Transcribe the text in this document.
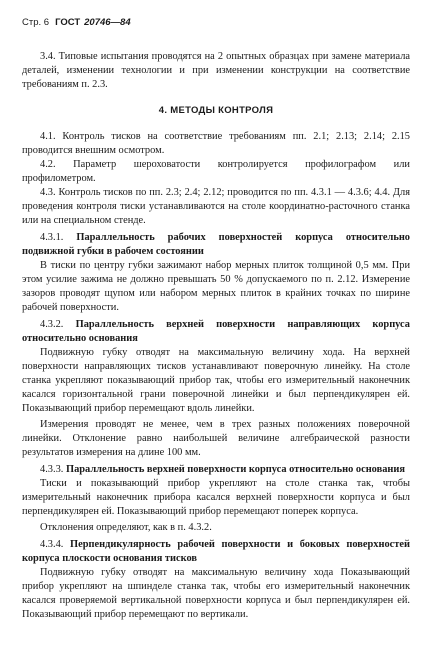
Стр. 6 ГОСТ 20746—84

3.4. Типовые испытания проводятся на 2 опытных образцах при замене материала деталей, изменении технологии и при изменении конструкции на соответствие требованиям п. 2.3.

4. МЕТОДЫ КОНТРОЛЯ

4.1. Контроль тисков на соответствие требованиям пп. 2.1; 2.13; 2.14; 2.15 проводится внешним осмотром.

4.2. Параметр шероховатости контролируется профилографом или профилометром.

4.3. Контроль тисков по пп. 2.3; 2.4; 2.12; проводится по пп. 4.3.1 — 4.3.6; 4.4. Для проведения контроля тиски устанавливаются на столе координатно-расточного станка или на специальном стенде.

4.3.1. Параллельность рабочих поверхностей корпуса относительно подвижной губки в рабочем состоянии

В тиски по центру губки зажимают набор мерных плиток толщиной 0,5 мм. При этом усилие зажима не должно превышать 50 % допускаемого по п. 2.12. Измерение зазоров проводят щупом или набором мерных плиток в крайних точках по ширине рабочей поверхности.

4.3.2. Параллельность верхней поверхности направляющих корпуса относительно основания

Подвижную губку отводят на максимальную величину хода. На верхней поверхности направляющих тисков устанавливают поверочную линейку. На столе станка укрепляют показывающий прибор так, чтобы его измерительный наконечник касался горизонтальной грани поверочной линейки и был перпендикулярен ей. Показывающий прибор перемещают вдоль линейки.

Измерения проводят не менее, чем в трех разных положениях поверочной линейки. Отклонение равно наибольшей величине алгебраической разности результатов измерения на длине 100 мм.

4.3.3. Параллельность верхней поверхности корпуса относительно основания

Тиски и показывающий прибор укрепляют на столе станка так, чтобы измерительный наконечник прибора касался верхней поверхности корпуса и был перпендикулярен ей. Показывающий прибор перемещают поперек корпуса.

Отклонения определяют, как в п. 4.3.2.

4.3.4. Перпендикулярность рабочей поверхности и боковых поверхностей корпуса плоскости основания тисков

Подвижную губку отводят на максимальную величину хода Показывающий прибор укрепляют на шпинделе станка так, чтобы его измерительный наконечник касался проверяемой вертикальной поверхности корпуса и был перпендикулярен ей. Показывающий прибор перемещают по вертикали.
